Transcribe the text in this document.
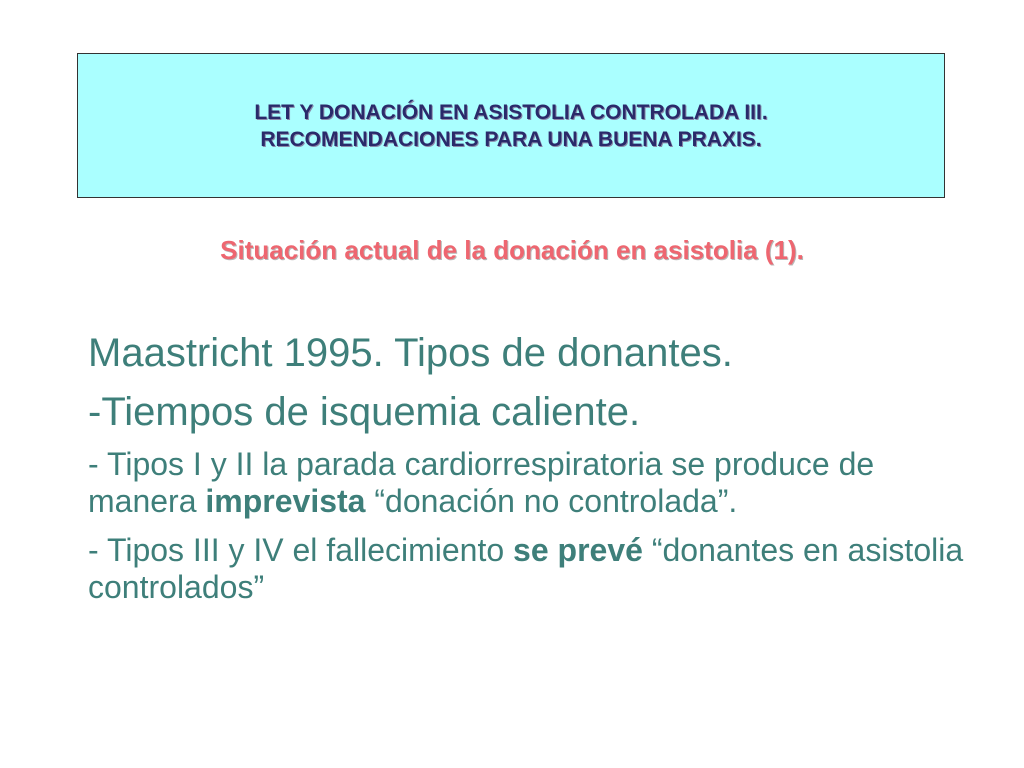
LET Y DONACIÓN EN ASISTOLIA CONTROLADA III.
RECOMENDACIONES PARA UNA BUENA PRAXIS.
Situación actual de la donación en asistolia (1).

Maastricht 1995. Tipos de donantes.

-Tiempos de isquemia caliente.

- Tipos I y II la parada cardiorrespiratoria se produce de manera imprevista “donación no controlada”.

- Tipos III y IV el fallecimiento se prevé “donantes en asistolia controlados”
